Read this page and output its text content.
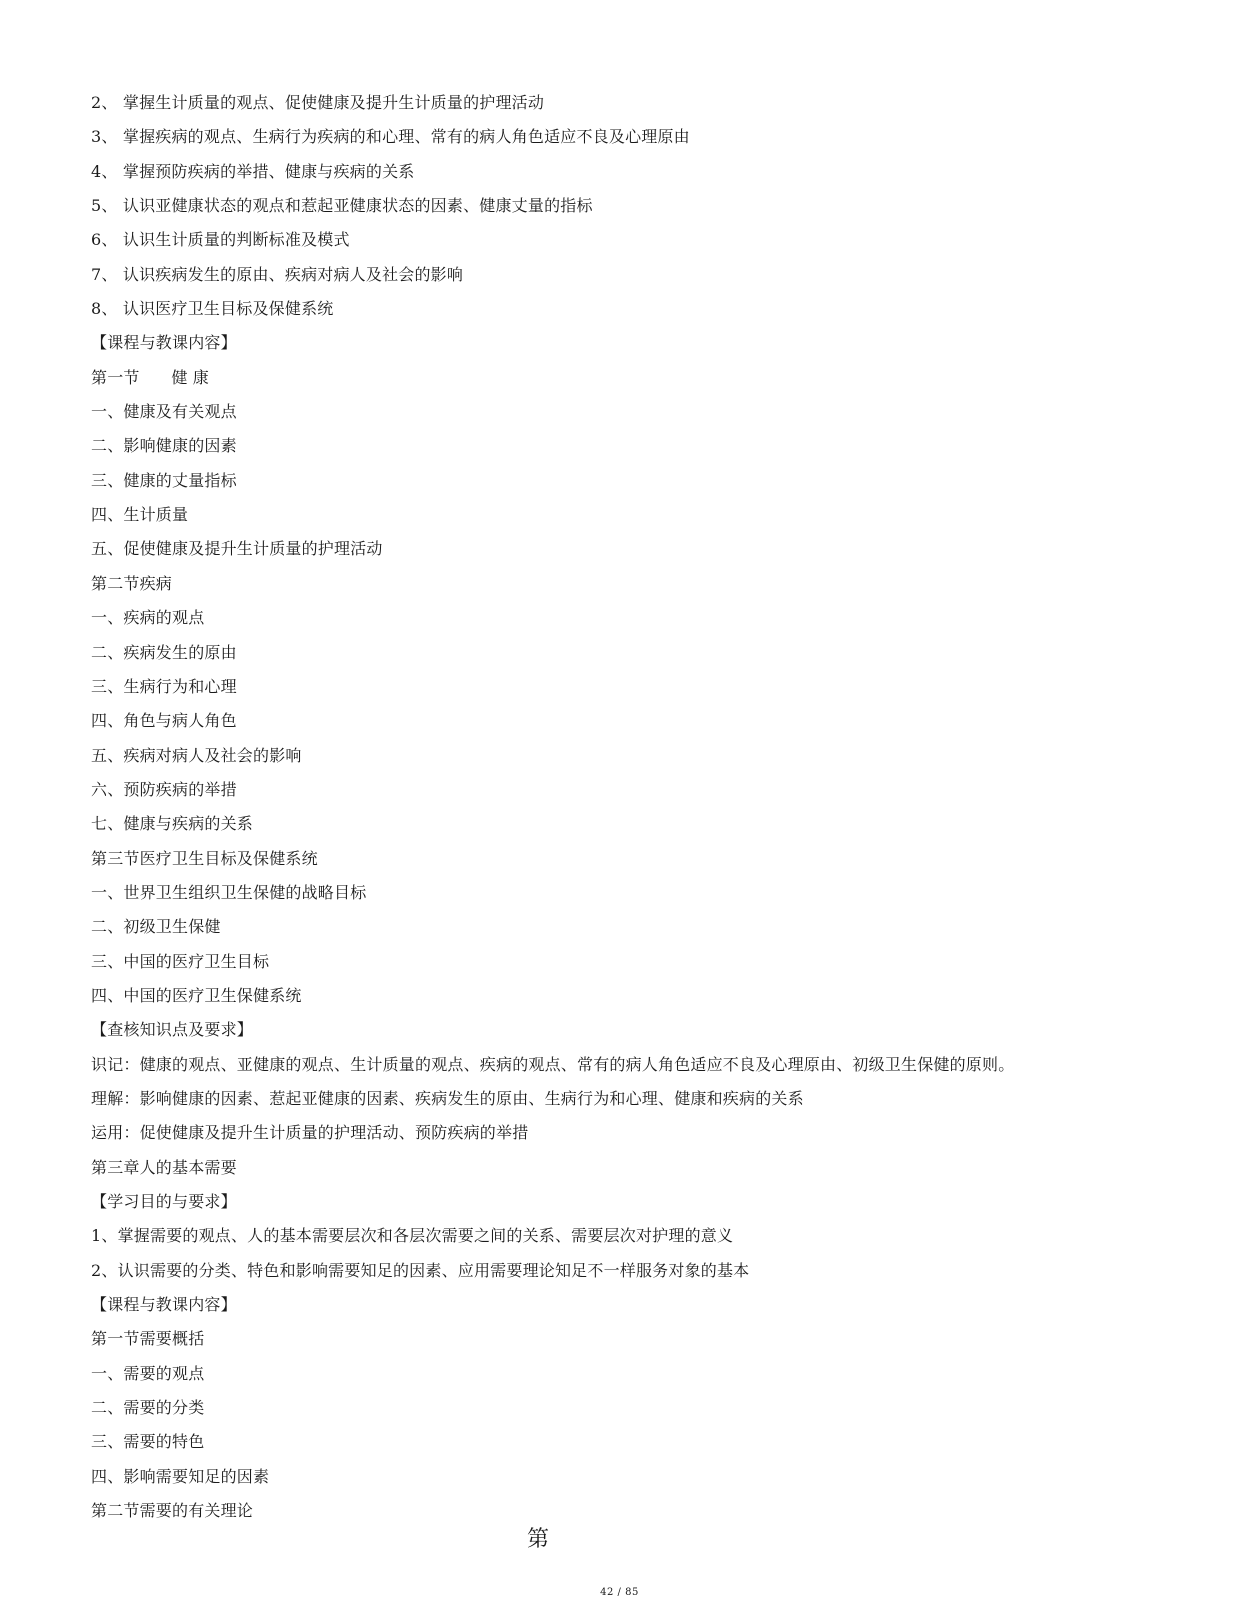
2、 掌握生计质量的观点、促使健康及提升生计质量的护理活动
3、 掌握疾病的观点、生病行为疾病的和心理、常有的病人角色适应不良及心理原由
4、 掌握预防疾病的举措、健康与疾病的关系
5、 认识亚健康状态的观点和惹起亚健康状态的因素、健康丈量的指标
6、 认识生计质量的判断标准及模式
7、 认识疾病发生的原由、疾病对病人及社会的影响
8、 认识医疗卫生目标及保健系统
【课程与教课内容】
第一节      健 康
一、健康及有关观点
二、影响健康的因素
三、健康的丈量指标
四、生计质量
五、促使健康及提升生计质量的护理活动
第二节疾病
一、疾病的观点
二、疾病发生的原由
三、生病行为和心理
四、角色与病人角色
五、疾病对病人及社会的影响
六、预防疾病的举措
七、健康与疾病的关系
第三节医疗卫生目标及保健系统
一、世界卫生组织卫生保健的战略目标
二、初级卫生保健
三、中国的医疗卫生目标
四、中国的医疗卫生保健系统
【查核知识点及要求】
识记：健康的观点、亚健康的观点、生计质量的观点、疾病的观点、常有的病人角色适应不良及心理原由、初级卫生保健的原则。
理解：影响健康的因素、惹起亚健康的因素、疾病发生的原由、生病行为和心理、健康和疾病的关系
运用：促使健康及提升生计质量的护理活动、预防疾病的举措
第三章人的基本需要
【学习目的与要求】
1、掌握需要的观点、人的基本需要层次和各层次需要之间的关系、需要层次对护理的意义
2、认识需要的分类、特色和影响需要知足的因素、应用需要理论知足不一样服务对象的基本
【课程与教课内容】
第一节需要概括
一、需要的观点
二、需要的分类
三、需要的特色
四、影响需要知足的因素
第二节需要的有关理论
第
42 / 85
